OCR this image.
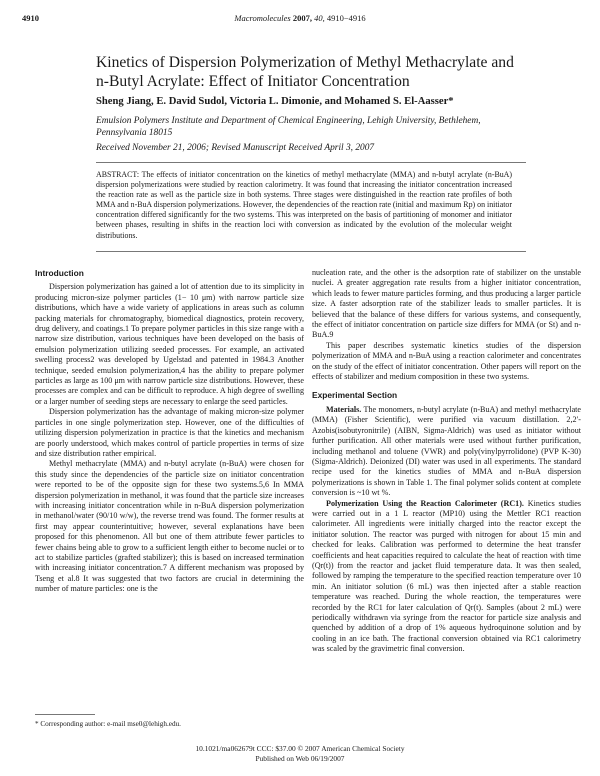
4910	Macromolecules 2007, 40, 4910−4916
Kinetics of Dispersion Polymerization of Methyl Methacrylate and n-Butyl Acrylate: Effect of Initiator Concentration
Sheng Jiang, E. David Sudol, Victoria L. Dimonie, and Mohamed S. El-Aasser*
Emulsion Polymers Institute and Department of Chemical Engineering, Lehigh University, Bethlehem, Pennsylvania 18015
Received November 21, 2006; Revised Manuscript Received April 3, 2007
ABSTRACT: The effects of initiator concentration on the kinetics of methyl methacrylate (MMA) and n-butyl acrylate (n-BuA) dispersion polymerizations were studied by reaction calorimetry. It was found that increasing the initiator concentration increased the reaction rate as well as the particle size in both systems. Three stages were distinguished in the reaction rate profiles of both MMA and n-BuA dispersion polymerizations. However, the dependencies of the reaction rate (initial and maximum Rp) on initiator concentration differed significantly for the two systems. This was interpreted on the basis of partitioning of monomer and initiator between phases, resulting in shifts in the reaction loci with conversion as indicated by the evolution of the molecular weight distributions.
Introduction

Dispersion polymerization has gained a lot of attention due to its simplicity in producing micron-size polymer particles (1− 10 μm) with narrow particle size distributions, which have a wide variety of applications in areas such as column packing materials for chromatography, biomedical diagnostics, protein recovery, drug delivery, and coatings.1 To prepare polymer particles in this size range with a narrow size distribution, various techniques have been developed on the basis of emulsion polymerization utilizing seeded processes. For example, an activated swelling process2 was developed by Ugelstad and patented in 1984.3 Another technique, seeded emulsion polymerization,4 has the ability to prepare polymer particles as large as 100 μm with narrow particle size distributions. However, these processes are complex and can be difficult to reproduce. A high degree of swelling or a larger number of seeding steps are necessary to enlarge the seed particles.

Dispersion polymerization has the advantage of making micron-size polymer particles in one single polymerization step. However, one of the difficulties of utilizing dispersion polymerization in practice is that the kinetics and mechanism are poorly understood, which makes control of particle properties in terms of size and size distribution rather empirical.

Methyl methacrylate (MMA) and n-butyl acrylate (n-BuA) were chosen for this study since the dependencies of the particle size on initiator concentration were reported to be of the opposite sign for these two systems.5,6 In MMA dispersion polymerization in methanol, it was found that the particle size increases with increasing initiator concentration while in n-BuA dispersion polymerization in methanol/water (90/10 w/w), the reverse trend was found. The former results at first may appear counterintuitive; however, several explanations have been proposed for this phenomenon. All but one of them attribute fewer particles to fewer chains being able to grow to a sufficient length either to become nuclei or to act to stabilize particles (grafted stabilizer); this is based on increased termination with increasing initiator concentration.7 A different mechanism was proposed by Tseng et al.8 It was suggested that two factors are crucial in determining the number of mature particles: one is the

nucleation rate, and the other is the adsorption rate of stabilizer on the unstable nuclei. A greater aggregation rate results from a higher initiator concentration, which leads to fewer mature particles forming, and thus producing a larger particle size. A faster adsorption rate of the stabilizer leads to smaller particles. It is believed that the balance of these differs for various systems, and consequently, the effect of initiator concentration on particle size differs for MMA (or St) and n-BuA.9

This paper describes systematic kinetics studies of the dispersion polymerization of MMA and n-BuA using a reaction calorimeter and concentrates on the study of the effect of initiator concentration. Other papers will report on the effects of stabilizer and medium composition in these two systems.

Experimental Section

Materials. The monomers, n-butyl acrylate (n-BuA) and methyl methacrylate (MMA) (Fisher Scientific), were purified via vacuum distillation. 2,2′-Azobis(isobutyronitrile) (AIBN, Sigma-Aldrich) was used as initiator without further purification. All other materials were used without further purification, including methanol and toluene (VWR) and poly(vinylpyrrolidone) (PVP K-30) (Sigma-Aldrich). Deionized (DI) water was used in all experiments. The standard recipe used for the kinetics studies of MMA and n-BuA dispersion polymerizations is shown in Table 1. The final polymer solids content at complete conversion is ~10 wt %.

Polymerization Using the Reaction Calorimeter (RC1). Kinetics studies were carried out in a 1 L reactor (MP10) using the Mettler RC1 reaction calorimeter. All ingredients were initially charged into the reactor except the initiator solution. The reactor was purged with nitrogen for about 15 min and checked for leaks. Calibration was performed to determine the heat transfer coefficients and heat capacities required to calculate the heat of reaction with time (Qr(t)) from the reactor and jacket fluid temperature data. It was then sealed, followed by ramping the temperature to the specified reaction temperature over 10 min. An initiator solution (6 mL) was then injected after a stable reaction temperature was reached. During the whole reaction, the temperatures were recorded by the RC1 for later calculation of Qr(t). Samples (about 2 mL) were periodically withdrawn via syringe from the reactor for particle size analysis and quenched by addition of a drop of 1% aqueous hydroquinone solution and by cooling in an ice bath. The fractional conversion obtained via RC1 calorimetry was scaled by the gravimetric final conversion.

* Corresponding author: e-mail mse0@lehigh.edu.
10.1021/ma062679t CCC: $37.00 © 2007 American Chemical Society
Published on Web 06/19/2007
